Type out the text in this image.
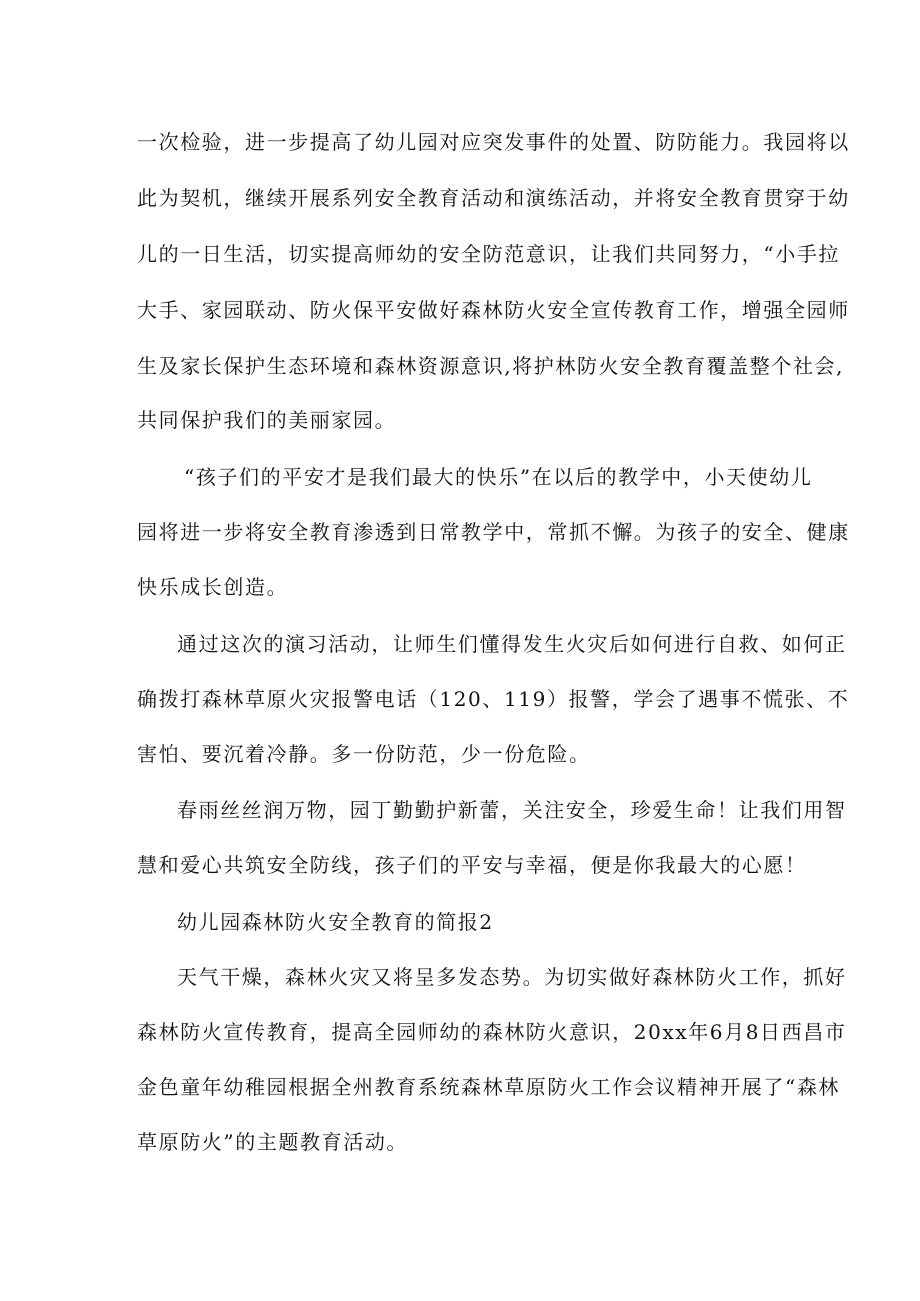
一次检验，进一步提高了幼儿园对应突发事件的处置、防防能力。我园将以
此为契机，继续开展系列安全教育活动和演练活动，并将安全教育贯穿于幼
儿的一日生活，切实提高师幼的安全防范意识，让我们共同努力，“小手拉
大手、家园联动、防火保平安做好森林防火安全宣传教育工作，增强全园师
生及家长保护生态环境和森林资源意识,将护林防火安全教育覆盖整个社会,
共同保护我们的美丽家园。
“孩子们的平安才是我们最大的快乐”在以后的教学中，小天使幼儿
园将进一步将安全教育渗透到日常教学中，常抓不懈。为孩子的安全、健康
快乐成长创造。
通过这次的演习活动，让师生们懂得发生火灾后如何进行自救、如何正
确拨打森林草原火灾报警电话（120、119）报警，学会了遇事不慌张、不
害怕、要沉着冷静。多一份防范，少一份危险。
春雨丝丝润万物，园丁勤勤护新蕾，关注安全，珍爱生命！让我们用智
慧和爱心共筑安全防线，孩子们的平安与幸福，便是你我最大的心愿！
幼儿园森林防火安全教育的简报2
天气干燥，森林火灾又将呈多发态势。为切实做好森林防火工作，抓好
森林防火宣传教育，提高全园师幼的森林防火意识，20xx年6月8日西昌市
金色童年幼稚园根据全州教育系统森林草原防火工作会议精神开展了“森林
草原防火”的主题教育活动。
